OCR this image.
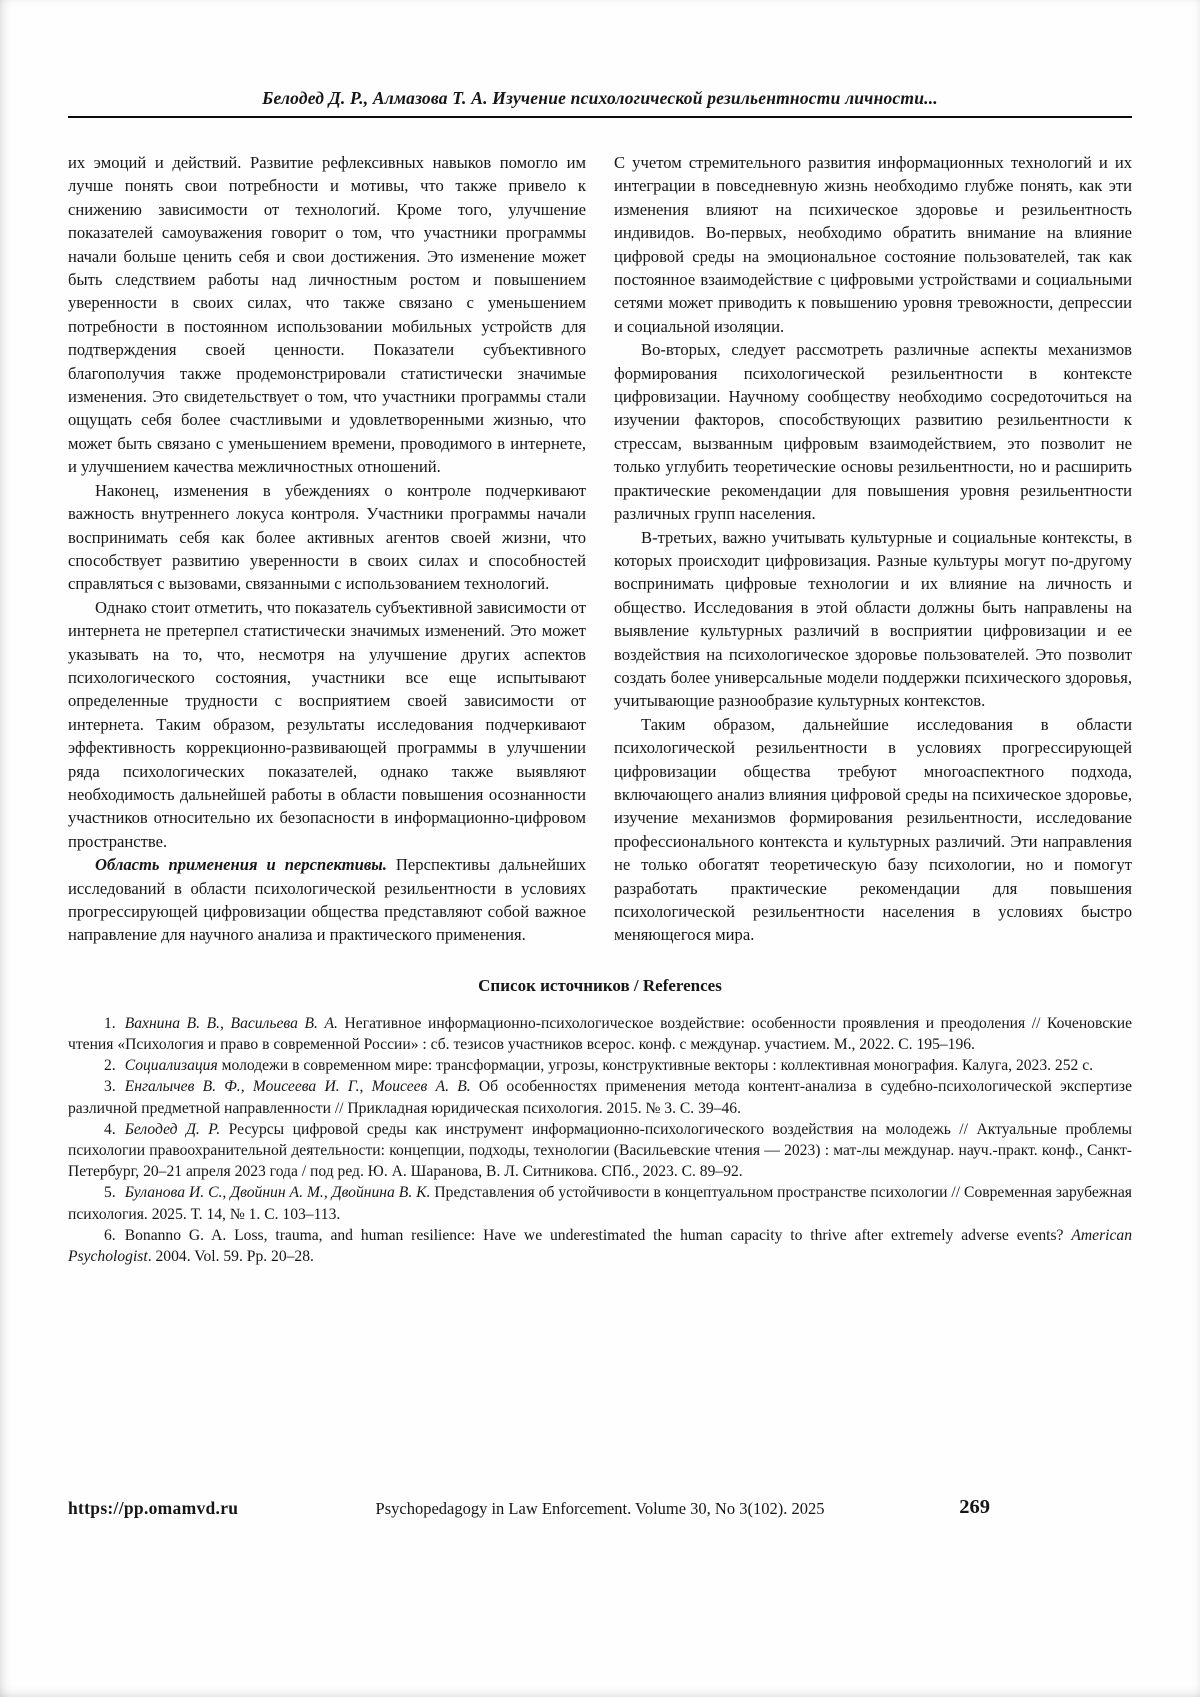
Белодед Д. Р., Алмазова Т. А. Изучение психологической резильентности личности...

их эмоций и действий. Развитие рефлексивных навыков помогло им лучше понять свои потребности и мотивы, что также привело к снижению зависимости от технологий. Кроме того, улучшение показателей самоуважения говорит о том, что участники программы начали больше ценить себя и свои достижения. Это изменение может быть следствием работы над личностным ростом и повышением уверенности в своих силах, что также связано с уменьшением потребности в постоянном использовании мобильных устройств для подтверждения своей ценности. Показатели субъективного благополучия также продемонстрировали статистически значимые изменения. Это свидетельствует о том, что участники программы стали ощущать себя более счастливыми и удовлетворенными жизнью, что может быть связано с уменьшением времени, проводимого в интернете, и улучшением качества межличностных отношений.

Наконец, изменения в убеждениях о контроле подчеркивают важность внутреннего локуса контроля. Участники программы начали воспринимать себя как более активных агентов своей жизни, что способствует развитию уверенности в своих силах и способностей справляться с вызовами, связанными с использованием технологий.

Однако стоит отметить, что показатель субъективной зависимости от интернета не претерпел статистически значимых изменений. Это может указывать на то, что, несмотря на улучшение других аспектов психологического состояния, участники все еще испытывают определенные трудности с восприятием своей зависимости от интернета. Таким образом, результаты исследования подчеркивают эффективность коррекционно-развивающей программы в улучшении ряда психологических показателей, однако также выявляют необходимость дальнейшей работы в области повышения осознанности участников относительно их безопасности в информационно-цифровом пространстве.

Область применения и перспективы. Перспективы дальнейших исследований в области психологической резильентности в условиях прогрессирующей цифровизации общества представляют собой важное направление для научного анализа и практического применения.

С учетом стремительного развития информационных технологий и их интеграции в повседневную жизнь необходимо глубже понять, как эти изменения влияют на психическое здоровье и резильентность индивидов. Во-первых, необходимо обратить внимание на влияние цифровой среды на эмоциональное состояние пользователей, так как постоянное взаимодействие с цифровыми устройствами и социальными сетями может приводить к повышению уровня тревожности, депрессии и социальной изоляции.

Во-вторых, следует рассмотреть различные аспекты механизмов формирования психологической резильентности в контексте цифровизации. Научному сообществу необходимо сосредоточиться на изучении факторов, способствующих развитию резильентности к стрессам, вызванным цифровым взаимодействием, это позволит не только углубить теоретические основы резильентности, но и расширить практические рекомендации для повышения уровня резильентности различных групп населения.

В-третьих, важно учитывать культурные и социальные контексты, в которых происходит цифровизация. Разные культуры могут по-другому воспринимать цифровые технологии и их влияние на личность и общество. Исследования в этой области должны быть направлены на выявление культурных различий в восприятии цифровизации и ее воздействия на психологическое здоровье пользователей. Это позволит создать более универсальные модели поддержки психического здоровья, учитывающие разнообразие культурных контекстов.

Таким образом, дальнейшие исследования в области психологической резильентности в условиях прогрессирующей цифровизации общества требуют многоаспектного подхода, включающего анализ влияния цифровой среды на психическое здоровье, изучение механизмов формирования резильентности, исследование профессионального контекста и культурных различий. Эти направления не только обогатят теоретическую базу психологии, но и помогут разработать практические рекомендации для повышения психологической резильентности населения в условиях быстро меняющегося мира.

Список источников / References

1. Вахнина В. В., Васильева В. А. Негативное информационно-психологическое воздействие: особенности проявления и преодоления // Коченовские чтения «Психология и право в современной России» : сб. тезисов участников всерос. конф. с междунар. участием. М., 2022. С. 195–196.

2. Социализация молодежи в современном мире: трансформации, угрозы, конструктивные векторы : коллективная монография. Калуга, 2023. 252 с.

3. Енгалычев В. Ф., Моисеева И. Г., Моисеев А. В. Об особенностях применения метода контент-анализа в судебно-психологической экспертизе различной предметной направленности // Прикладная юридическая психология. 2015. № 3. С. 39–46.

4. Белодед Д. Р. Ресурсы цифровой среды как инструмент информационно-психологического воздействия на молодежь // Актуальные проблемы психологии правоохранительной деятельности: концепции, подходы, технологии (Васильевские чтения — 2023) : мат-лы междунар. науч.-практ. конф., Санкт-Петербург, 20–21 апреля 2023 года / под ред. Ю. А. Шаранова, В. Л. Ситникова. СПб., 2023. С. 89–92.

5. Буланова И. С., Двойнин А. М., Двойнина В. К. Представления об устойчивости в концептуальном пространстве психологии // Современная зарубежная психология. 2025. Т. 14, № 1. С. 103–113.

6. Bonanno G. A. Loss, trauma, and human resilience: Have we underestimated the human capacity to thrive after extremely adverse events? American Psychologist. 2004. Vol. 59. Pp. 20–28.

https://pp.omamvd.ru	Psychopedagogy in Law Enforcement. Volume 30, No 3(102). 2025	269
